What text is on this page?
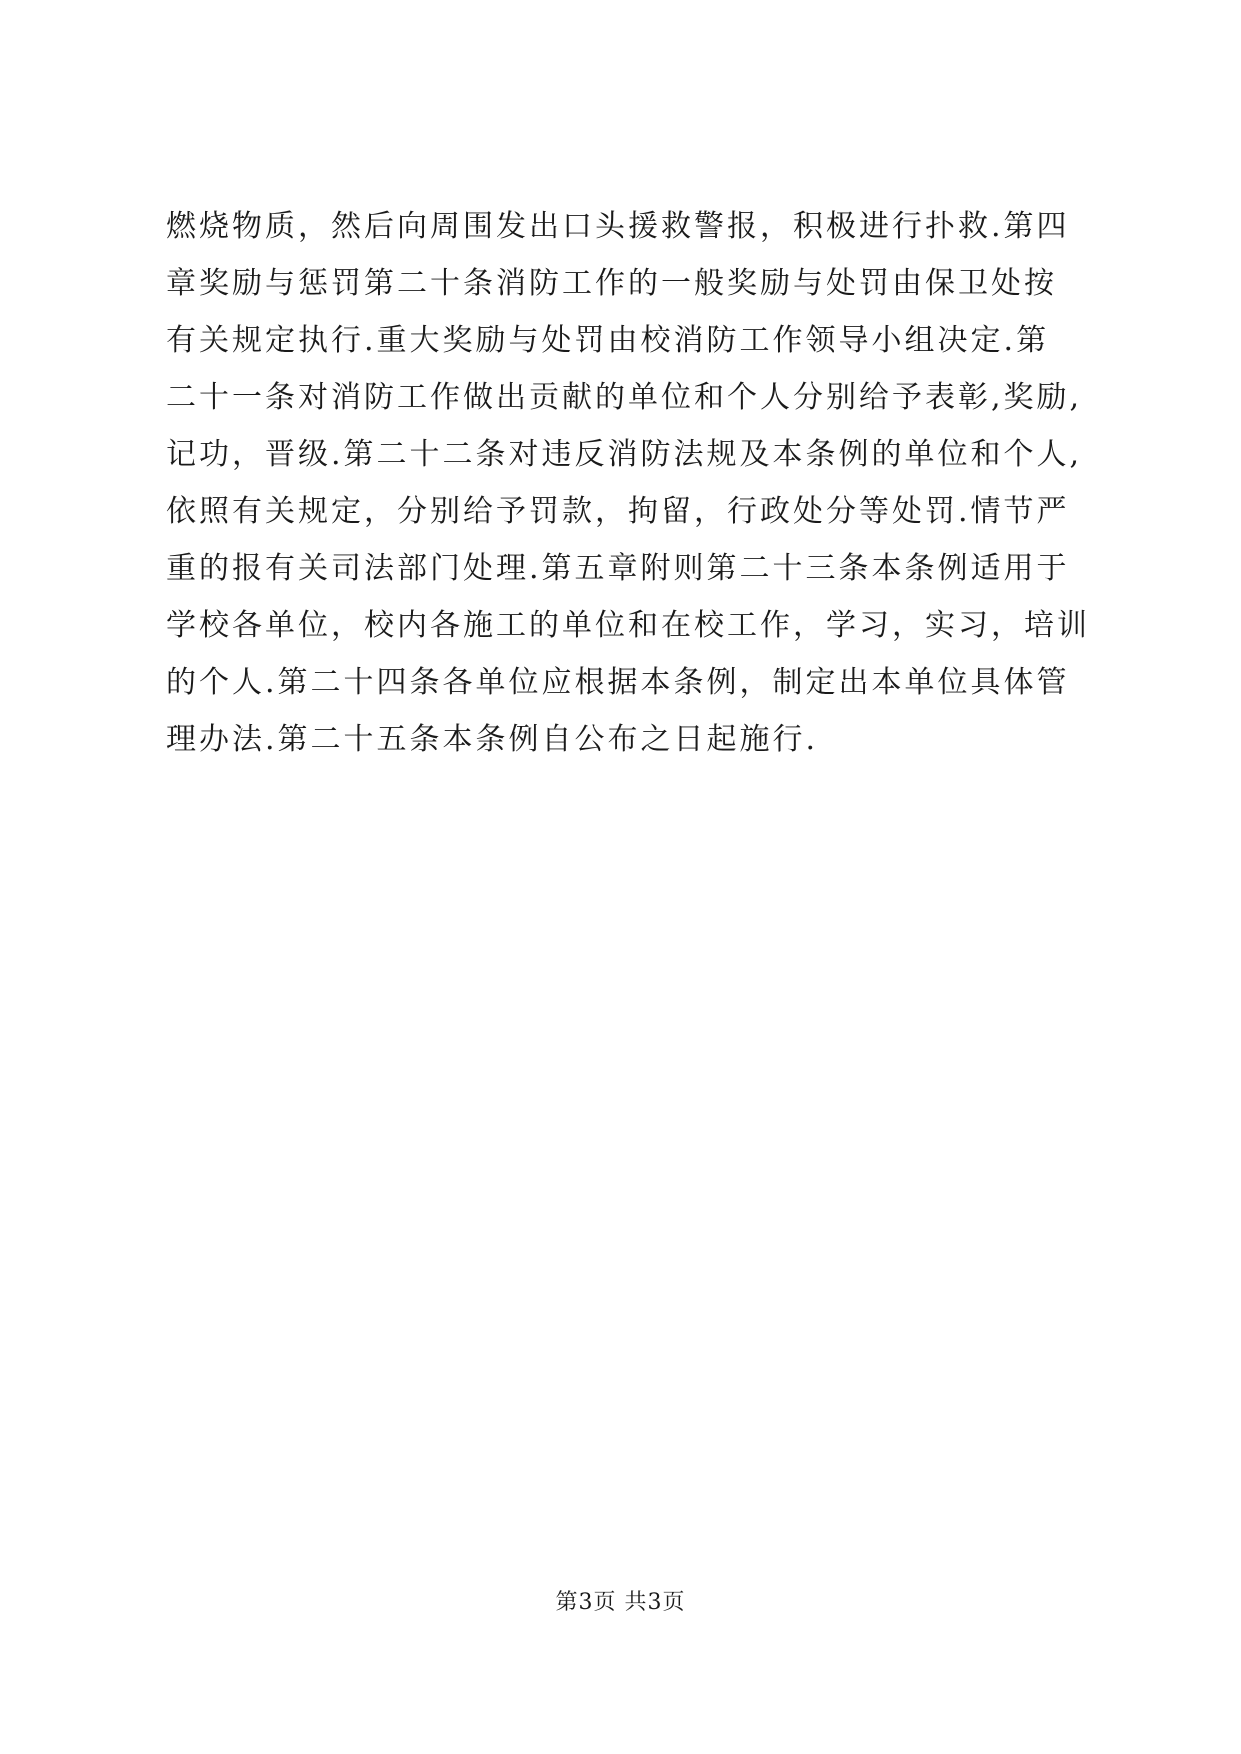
燃烧物质，然后向周围发出口头援救警报，积极进行扑救.第四
章奖励与惩罚第二十条消防工作的一般奖励与处罚由保卫处按
有关规定执行.重大奖励与处罚由校消防工作领导小组决定.第
二十一条对消防工作做出贡献的单位和个人分别给予表彰,奖励,
记功，晋级.第二十二条对违反消防法规及本条例的单位和个人,
依照有关规定，分别给予罚款，拘留，行政处分等处罚.情节严
重的报有关司法部门处理.第五章附则第二十三条本条例适用于
学校各单位，校内各施工的单位和在校工作，学习，实习，培训
的个人.第二十四条各单位应根据本条例，制定出本单位具体管
理办法.第二十五条本条例自公布之日起施行.
第3页 共3页
